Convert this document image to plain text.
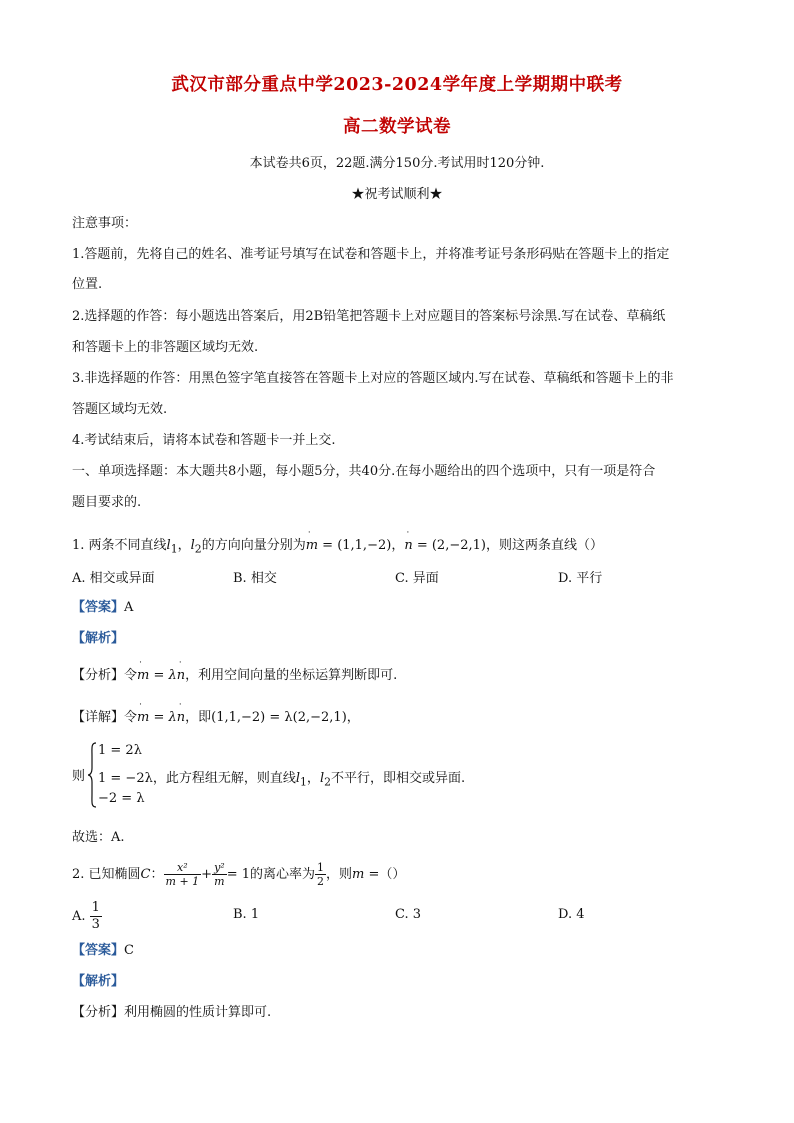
武汉市部分重点中学2023-2024学年度上学期期中联考
高二数学试卷
本试卷共6页，22题.满分150分.考试用时120分钟.
★祝考试顺利★
注意事项：
1.答题前，先将自己的姓名、准考证号填写在试卷和答题卡上，并将准考证号条形码贴在答题卡上的指定
位置.
2.选择题的作答：每小题选出答案后，用2B铅笔把答题卡上对应题目的答案标号涂黑.写在试卷、草稿纸
和答题卡上的非答题区域均无效.
3.非选择题的作答：用黑色签字笔直接答在答题卡上对应的答题区域内.写在试卷、草稿纸和答题卡上的非
答题区域均无效.
4.考试结束后，请将本试卷和答题卡一并上交.
一、单项选择题：本大题共8小题，每小题5分，共40分.在每小题给出的四个选项中，只有一项是符合
题目要求的.
1. 两条不同直线$l_1$，$l_2$的方向向量分别为˙ m = (1,1,−2)，˙ n = (2,−2,1)，则这两条直线（）
A. 相交或异面	B. 相交	C. 异面	D. 平行
【答案】A
【解析】
【分析】令˙ m = λ˙ n，利用空间向量的坐标运算判断即可.
【详解】令˙ m = λ˙ n，即(1,1,−2) = λ(2,−2,1)，
则
1 = 2λ
1 = −2λ，此方程组无解，则直线$l_1$，$l_2$不平行，即相交或异面.
−2 = λ
故选：A.
2. 已知椭圆C： $\frac{\text{x²}}{m + 1} + \frac{\text{y²}}{m} = 1$的离心率为 $\frac{1}{2}$ ，则m =（）
A. $\frac{1}{3}$	B. 1	C. 3	D. 4
【答案】C
【解析】
【分析】利用椭圆的性质计算即可.
